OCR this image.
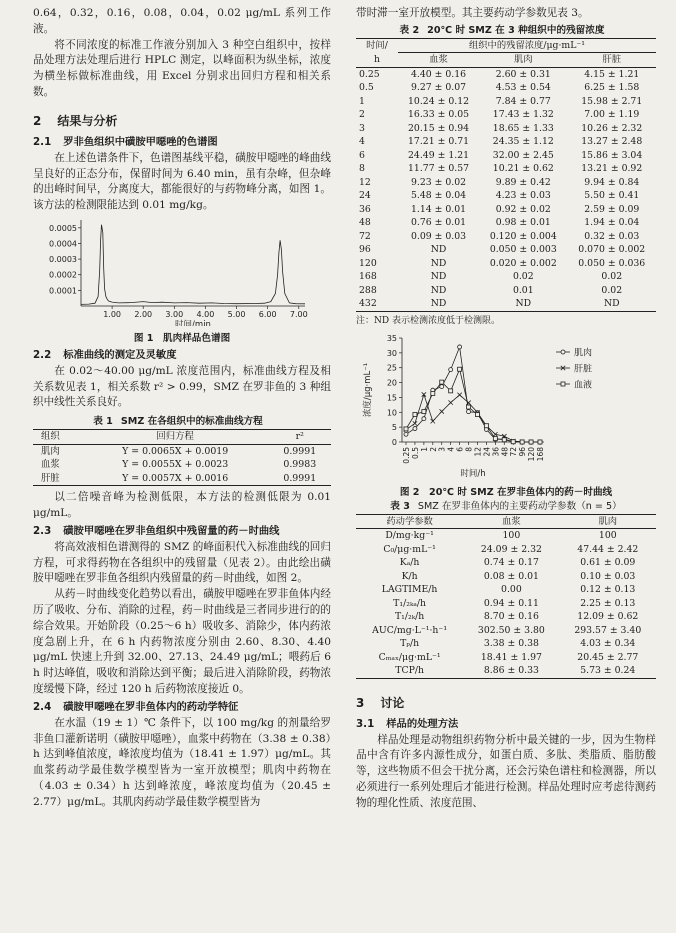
0.64，0.32，0.16，0.08，0.04，0.02 μg/mL 系列工作液。

将不同浓度的标准工作液分别加入 3 种空白组织中，按样品处理方法处理后进行 HPLC 测定，以峰面积为纵坐标，浓度为横坐标做标准曲线，用 Excel 分别求出回归方程和相关系数。

2 结果与分析
2.1 罗非鱼组织中磺胺甲噁唑的色谱图

在上述色谱条件下，色谱图基线平稳，磺胺甲噁唑的峰曲线呈良好的正态分布，保留时间为 6.40 min，虽有杂峰，但杂峰的出峰时间早，分离度大，都能很好的与药物峰分离，如图 1。该方法的检测限能达到 0.01 mg/kg。

0.0001
0.0002
0.0003
0.0004
0.0005
1.00 2.00 3.00 4.00 5.00 6.00 7.00
时间/min
图 1　肌肉样品色谱图
2.2 标准曲线的测定及灵敏度

在 0.02～40.00 μg/mL 浓度范围内，标准曲线方程及相关系数见表 1，相关系数 r² > 0.99，SMZ 在罗非鱼的 3 种组织中线性关系良好。

表 1 SMZ 在各组织中的标准曲线方程
组织	回归方程	r²
肌肉	Y = 0.0065X + 0.0019	0.9991
血浆	Y = 0.0055X + 0.0023	0.9983
肝脏	Y = 0.0057X + 0.0016	0.9991

以二倍噪音峰为检测低限，本方法的检测低限为 0.01 μg/mL。

2.3 磺胺甲噁唑在罗非鱼组织中残留量的药－时曲线

将高效液相色谱测得的 SMZ 的峰面积代入标准曲线的回归方程，可求得药物在各组织中的残留量（见表 2）。由此绘出磺胺甲噁唑在罗非鱼各组织内残留量的药－时曲线，如图 2。

从药－时曲线变化趋势以看出，磺胺甲噁唑在罗非鱼体内经历了吸收、分布、消除的过程，药－时曲线是三者同步进行的的综合效果。开始阶段（0.25～6 h）吸收多、消除少，体内药浓度急剧上升，在 6 h 内药物浓度分别由 2.60、8.30、4.40 μg/mL 快速上升到 32.00、27.13、24.49 μg/mL；喂药后 6 h 时达峰值，吸收和消除达到平衡；最后进入消除阶段，药物浓度缓慢下降，经过 120 h 后药物浓度接近 0。

2.4 磺胺甲噁唑在罗非鱼体内的药动学特征

在水温（19 ± 1）℃ 条件下，以 100 mg/kg 的剂量给罗非鱼口灌新诺明（磺胺甲噁唑），血浆中药物在（3.38 ± 0.38）h 达到峰值浓度，峰浓度均值为（18.41 ± 1.97）μg/mL。其血浆药动学最佳数学模型皆为一室开放模型；肌肉中药物在（4.03 ± 0.34）h 达到峰浓度，峰浓度均值为（20.45 ± 2.77）μg/mL。其肌肉药动学最佳数学模型皆为

带时滞一室开放模型。其主要药动学参数见表 3。

表 2 20℃ 时 SMZ 在 3 种组织中的残留浓度
时间/	组织中的残留浓度/μg·mL⁻¹		
h	血浆	肌肉	肝脏
0.25	4.40 ± 0.16	2.60 ± 0.31	4.15 ± 1.21
0.5	9.27 ± 0.07	4.53 ± 0.54	6.25 ± 1.58
1	10.24 ± 0.12	7.84 ± 0.77	15.98 ± 2.71
2	16.33 ± 0.05	17.43 ± 1.32	7.00 ± 1.19
3	20.15 ± 0.94	18.65 ± 1.33	10.26 ± 2.32
4	17.21 ± 0.71	24.35 ± 1.12	13.27 ± 2.48
6	24.49 ± 1.21	32.00 ± 2.45	15.86 ± 3.04
8	11.77 ± 0.57	10.21 ± 0.62	13.21 ± 0.92
12	9.23 ± 0.02	9.89 ± 0.42	9.94 ± 0.84
24	5.48 ± 0.04	4.23 ± 0.03	5.50 ± 0.41
36	1.14 ± 0.01	0.92 ± 0.02	2.59 ± 0.09
48	0.76 ± 0.01	0.98 ± 0.01	1.94 ± 0.04
72	0.09 ± 0.03	0.120 ± 0.004	0.32 ± 0.03
96	ND	0.050 ± 0.003	0.070 ± 0.002
120	ND	0.020 ± 0.002	0.050 ± 0.036
168	ND	0.02	0.02
288	ND	0.01	0.02
432	ND	ND	ND
注：ND 表示检测浓度低于检测限。
0
5
10
15
20
25
30
35
0.25 0.5 1 2 3 4 6 8 12 24 36 48 72 96 120 168
浓度/μg·mL⁻¹
时间/h
肌肉
肝脏
血液
图 2　20℃ 时 SMZ 在罗非鱼体内的药－时曲线
表 3 SMZ 在罗非鱼体内的主要药动学参数（n = 5）
药动学参数	血浆	肌肉
D/mg·kg⁻¹	100	100
C₀/μg·mL⁻¹	24.09 ± 2.32	47.44 ± 2.42
Kₐ/h	0.74 ± 0.17	0.61 ± 0.09
K/h	0.08 ± 0.01	0.10 ± 0.03
LAGTIME/h	0.00	0.12 ± 0.13
T₁/₂ₖₐ/h	0.94 ± 0.11	2.25 ± 0.13
T₁/₂ₖ/h	8.70 ± 0.16	12.09 ± 0.62
AUC/mg·L⁻¹·h⁻¹	302.50 ± 3.80	293.57 ± 3.40
Tₚ/h	3.38 ± 0.38	4.03 ± 0.34
Cₘₐₓ/μg·mL⁻¹	18.41 ± 1.97	20.45 ± 2.77
TCP/h	8.86 ± 0.33	5.73 ± 0.24
3 讨论
3.1 样品的处理方法

样品处理是动物组织药物分析中最关键的一步，因为生物样品中含有许多内源性成分，如蛋白质、多肽、类脂质、脂肪酸等，这些物质不但会干扰分离，还会污染色谱柱和检测器，所以必须进行一系列处理后才能进行检测。样品处理时应考虑待测药物的理化性质、浓度范围、
